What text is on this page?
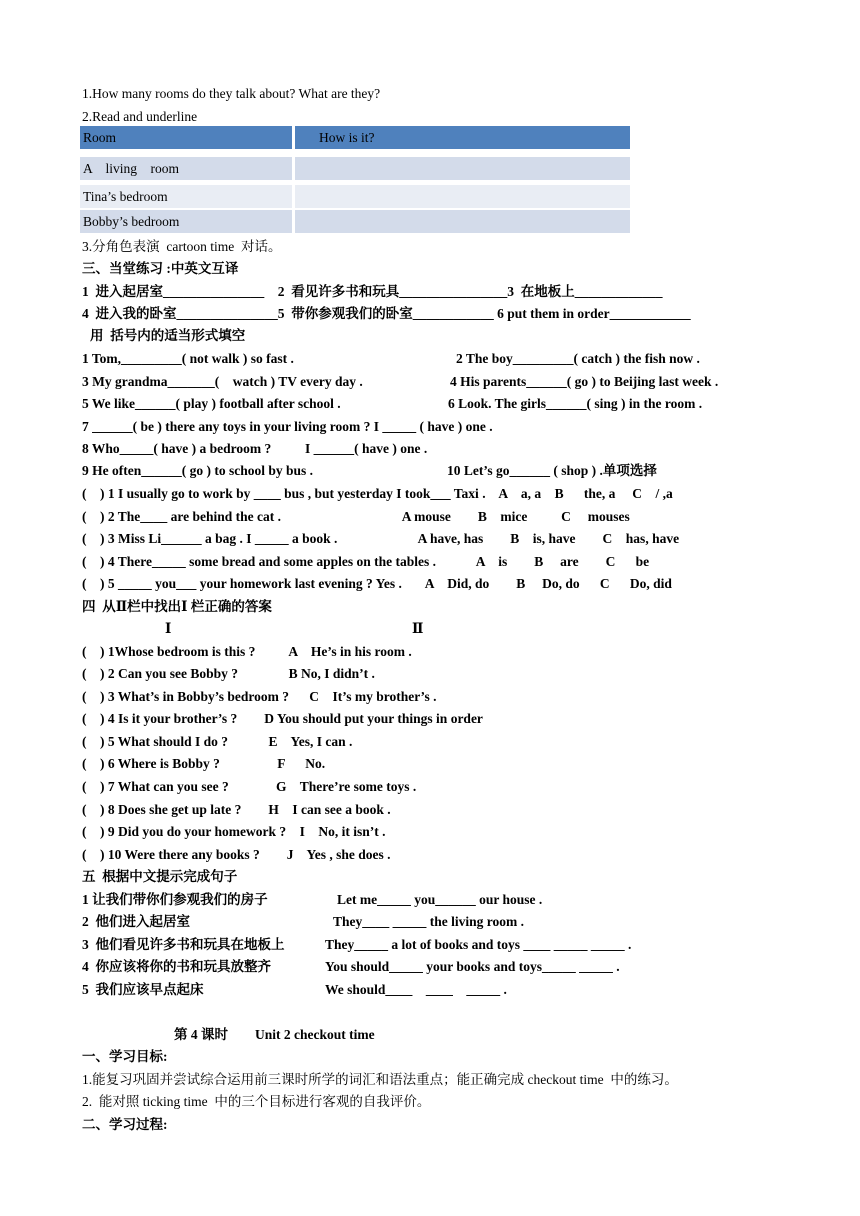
1.How many rooms do they talk about? What are they?
2.Read and underline
Room	How is it?
A    living    room
Tina’s bedroom
Bobby’s bedroom
3.分角色表演  cartoon time  对话。
三、当堂练习 :中英文互译
1  进入起居室_______________    2  看见许多书和玩具________________3  在地板上_____________
4  进入我的卧室_______________5  带你参观我们的卧室____________ 6 put them in order____________
用  括号内的适当形式填空
1 Tom,_________( not walk ) so fast .	2 The boy_________( catch ) the fish now .
3 My grandma_______(    watch ) TV every day .	4 His parents______( go ) to Beijing last week .
5 We like______( play ) football after school .	6 Look. The girls______( sing ) in the room .
7 ______( be ) there any toys in your living room ? I _____ ( have ) one .
8 Who_____( have ) a bedroom ?          I ______( have ) one .
9 He often______( go ) to school by bus .	10 Let’s go______ ( shop ) .单项选择
(    ) 1 I usually go to work by ____ bus , but yesterday I took___ Taxi .    A    a, a    B      the, a     C    / ,a
(    ) 2 The____ are behind the cat .                                    A mouse        B    mice          C     mouses
(    ) 3 Miss Li______ a bag . I _____ a book .                        A have, has        B    is, have        C    has, have
(    ) 4 There_____ some bread and some apples on the tables .            A    is        B     are        C      be
(    ) 5 _____ you___ your homework last evening ? Yes .       A    Did, do        B     Do, do      C      Do, did
四  从Ⅱ栏中找出Ⅰ 栏正确的答案
Ⅰ	Ⅱ
(    ) 1Whose bedroom is this ?          A    He’s in his room .
(    ) 2 Can you see Bobby ?               B No, I didn’t .
(    ) 3 What’s in Bobby’s bedroom ?      C    It’s my brother’s .
(    ) 4 Is it your brother’s ?        D You should put your things in order
(    ) 5 What should I do ?            E    Yes, I can .
(    ) 6 Where is Bobby ?                 F      No.
(    ) 7 What can you see ?              G    There’re some toys .
(    ) 8 Does she get up late ?        H    I can see a book .
(    ) 9 Did you do your homework ?    I    No, it isn’t .
(    ) 10 Were there any books ?        J    Yes , she does .
五  根据中文提示完成句子
1 让我们带你们参观我们的房子	Let me_____ you______ our house .
2  他们进入起居室	They____ _____ the living room .
3  他们看见许多书和玩具在地板上	They_____ a lot of books and toys ____ _____ _____ .
4  你应该将你的书和玩具放整齐	You should_____ your books and toys_____ _____ .
5  我们应该早点起床	We should____    ____    _____ .
第 4 课时        Unit 2 checkout time
一、学习目标:
1.能复习巩固并尝试综合运用前三课时所学的词汇和语法重点；能正确完成 checkout time  中的练习。
2.  能对照 ticking time  中的三个目标进行客观的自我评价。
二、学习过程:
